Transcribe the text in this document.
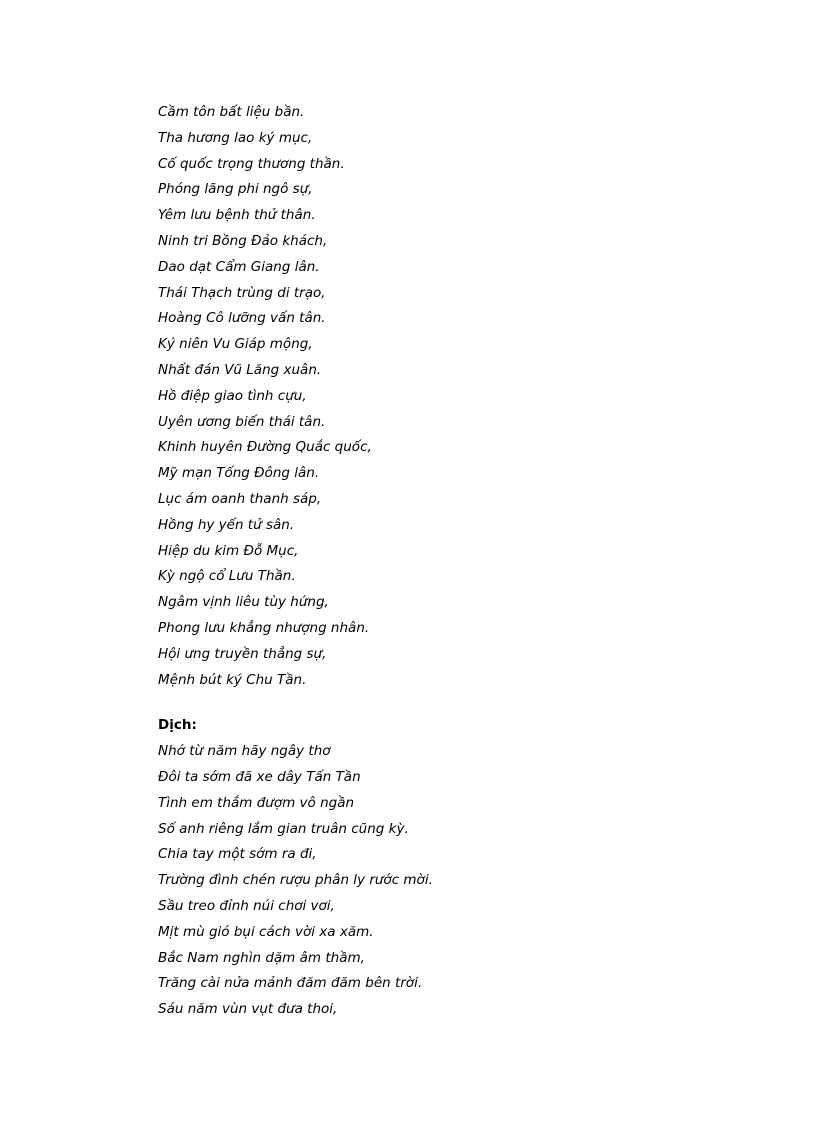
Cầm tôn bất liệu bần.
Tha hương lao ký mục,
Cố quốc trọng thương thần.
Phóng lãng phi ngô sự,
Yêm lưu bệnh thử thân.
Ninh tri Bồng Đảo khách,
Dao dạt Cẩm Giang lân.
Thái Thạch trùng di trạo,
Hoàng Cô lưỡng vấn tân.
Kỷ niên Vu Giáp mộng,
Nhất đán Vũ Lăng xuân.
Hồ điệp giao tình cựu,
Uyên ương biến thái tân.
Khinh huyên Đường Quắc quốc,
Mỹ mạn Tống Đông lân.
Lục ám oanh thanh sáp,
Hồng hy yến tử sân.
Hiệp du kim Đỗ Mục,
Kỳ ngộ cổ Lưu Thần.
Ngâm vịnh liêu tùy hứng,
Phong lưu khẳng nhượng nhân.
Hội ưng truyền thẳng sự,
Mệnh bút ký Chu Tần.
Dịch:
Nhớ từ năm hãy ngây thơ
Đôi ta sớm đã xe dây Tấn Tần
Tình em thắm đượm vô ngần
Số anh riêng lắm gian truân cũng kỳ.
Chia tay một sớm ra đi,
Trường đình chén rượu phân ly rước mời.
Sầu treo đỉnh núi chơi vơi,
Mịt mù gió bụi cách vời xa xăm.
Bắc Nam nghìn dặm âm thầm,
Trăng cài nửa mảnh đăm đăm bên trời.
Sáu năm vùn vụt đưa thoi,
